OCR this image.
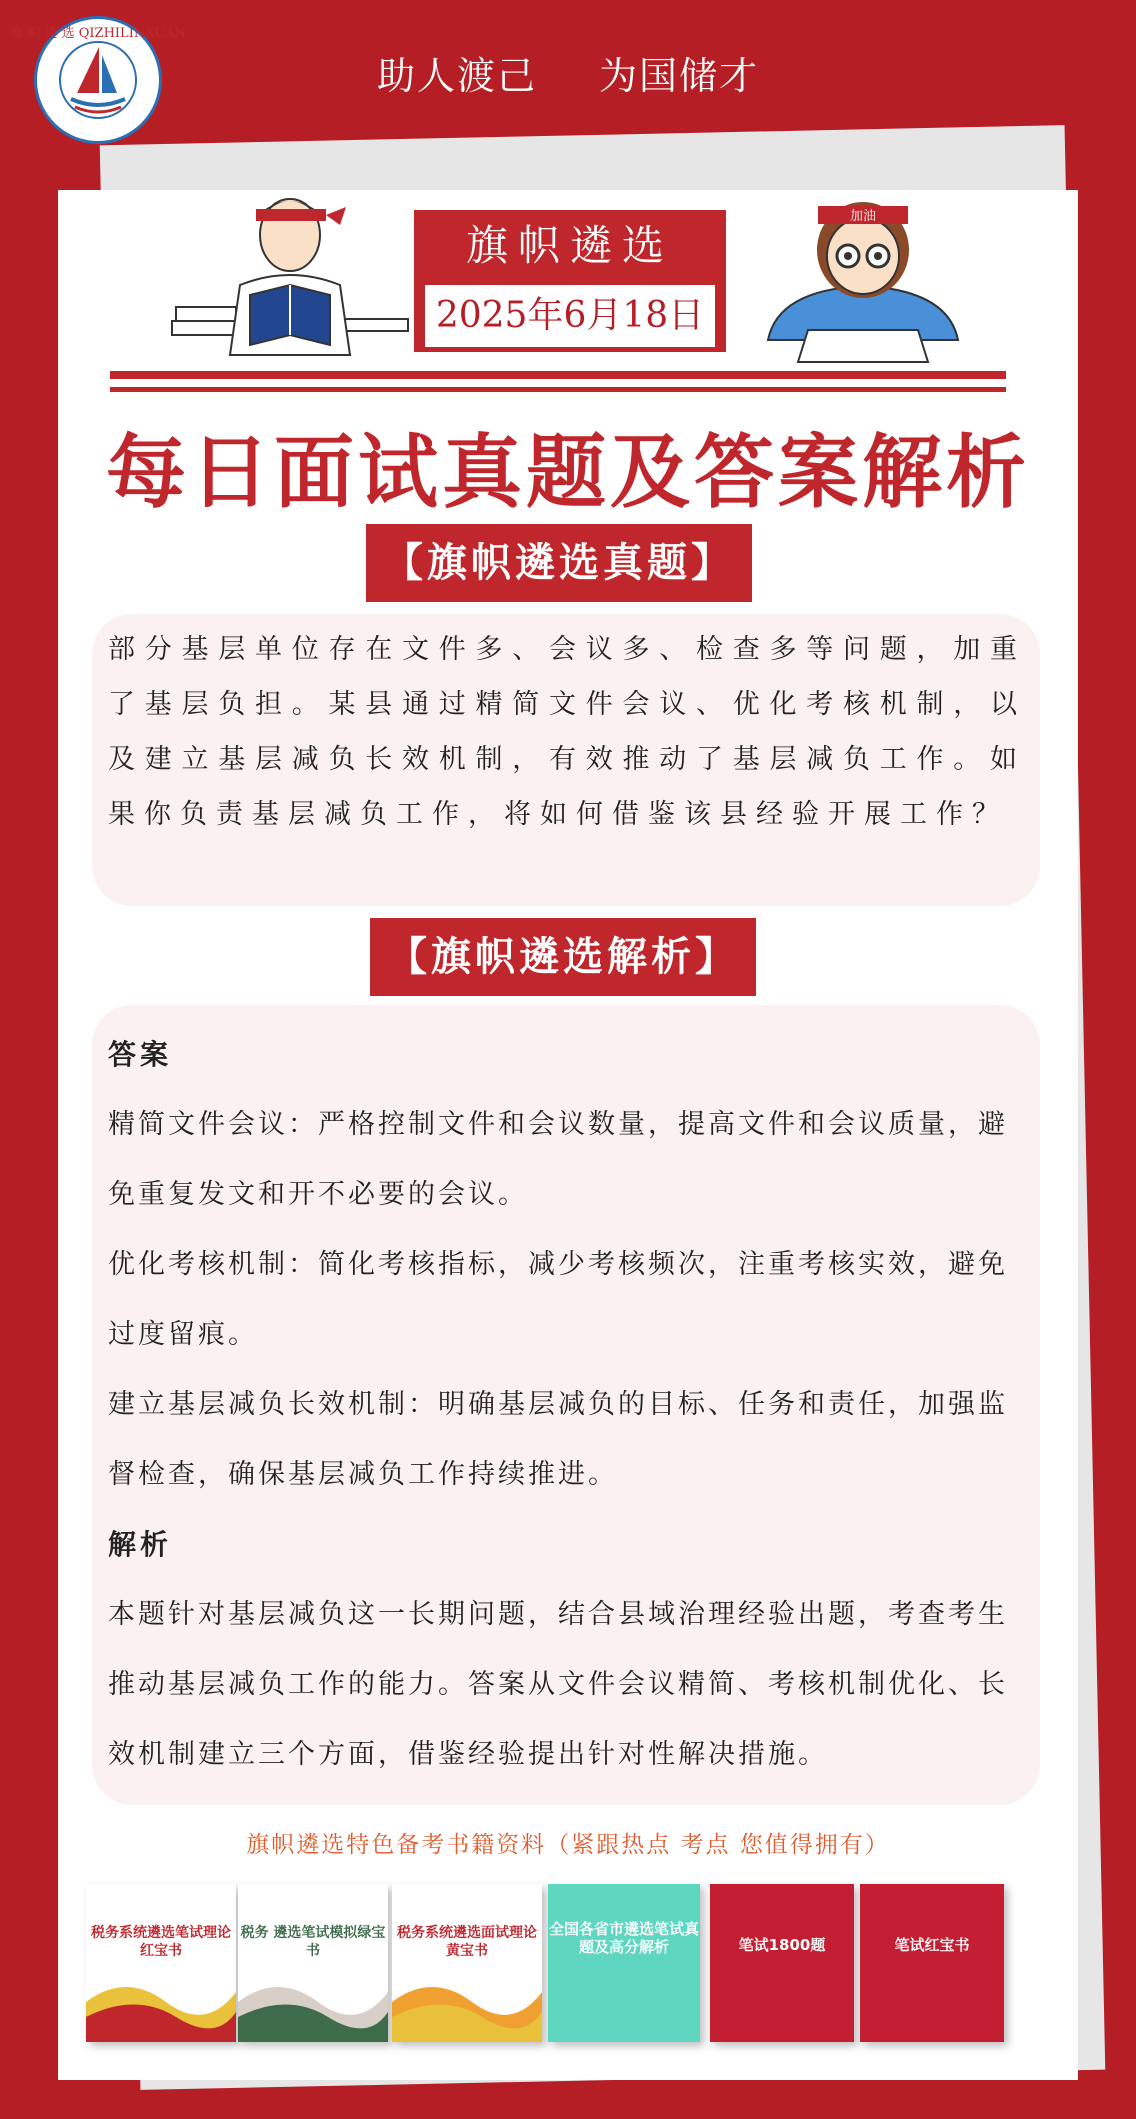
旗 帜 遴 选 QIZHILINXUAN
助人渡己 为国储才
加油
旗帜遴选
2025年6月18日
每日面试真题及答案解析
【旗帜遴选真题】
部分基层单位存在文件多、会议多、检查多等问题，加重了基层负担。某县通过精简文件会议、优化考核机制，以及建立基层减负长效机制，有效推动了基层减负工作。如果你负责基层减负工作，将如何借鉴该县经验开展工作？
【旗帜遴选解析】

答案

精简文件会议：严格控制文件和会议数量，提高文件和会议质量，避免重复发文和开不必要的会议。

优化考核机制：简化考核指标，减少考核频次，注重考核实效，避免过度留痕。

建立基层减负长效机制：明确基层减负的目标、任务和责任，加强监督检查，确保基层减负工作持续推进。

解析

本题针对基层减负这一长期问题，结合县域治理经验出题，考查考生推动基层减负工作的能力。答案从文件会议精简、考核机制优化、长效机制建立三个方面，借鉴经验提出针对性解决措施。

旗帜遴选特色备考书籍资料（紧跟热点 考点 您值得拥有）
税务系统遴选笔试理论红宝书
税务 遴选笔试模拟绿宝书
税务系统遴选面试理论黄宝书
全国各省市遴选笔试真题及高分解析	笔试1800题	笔试红宝书
